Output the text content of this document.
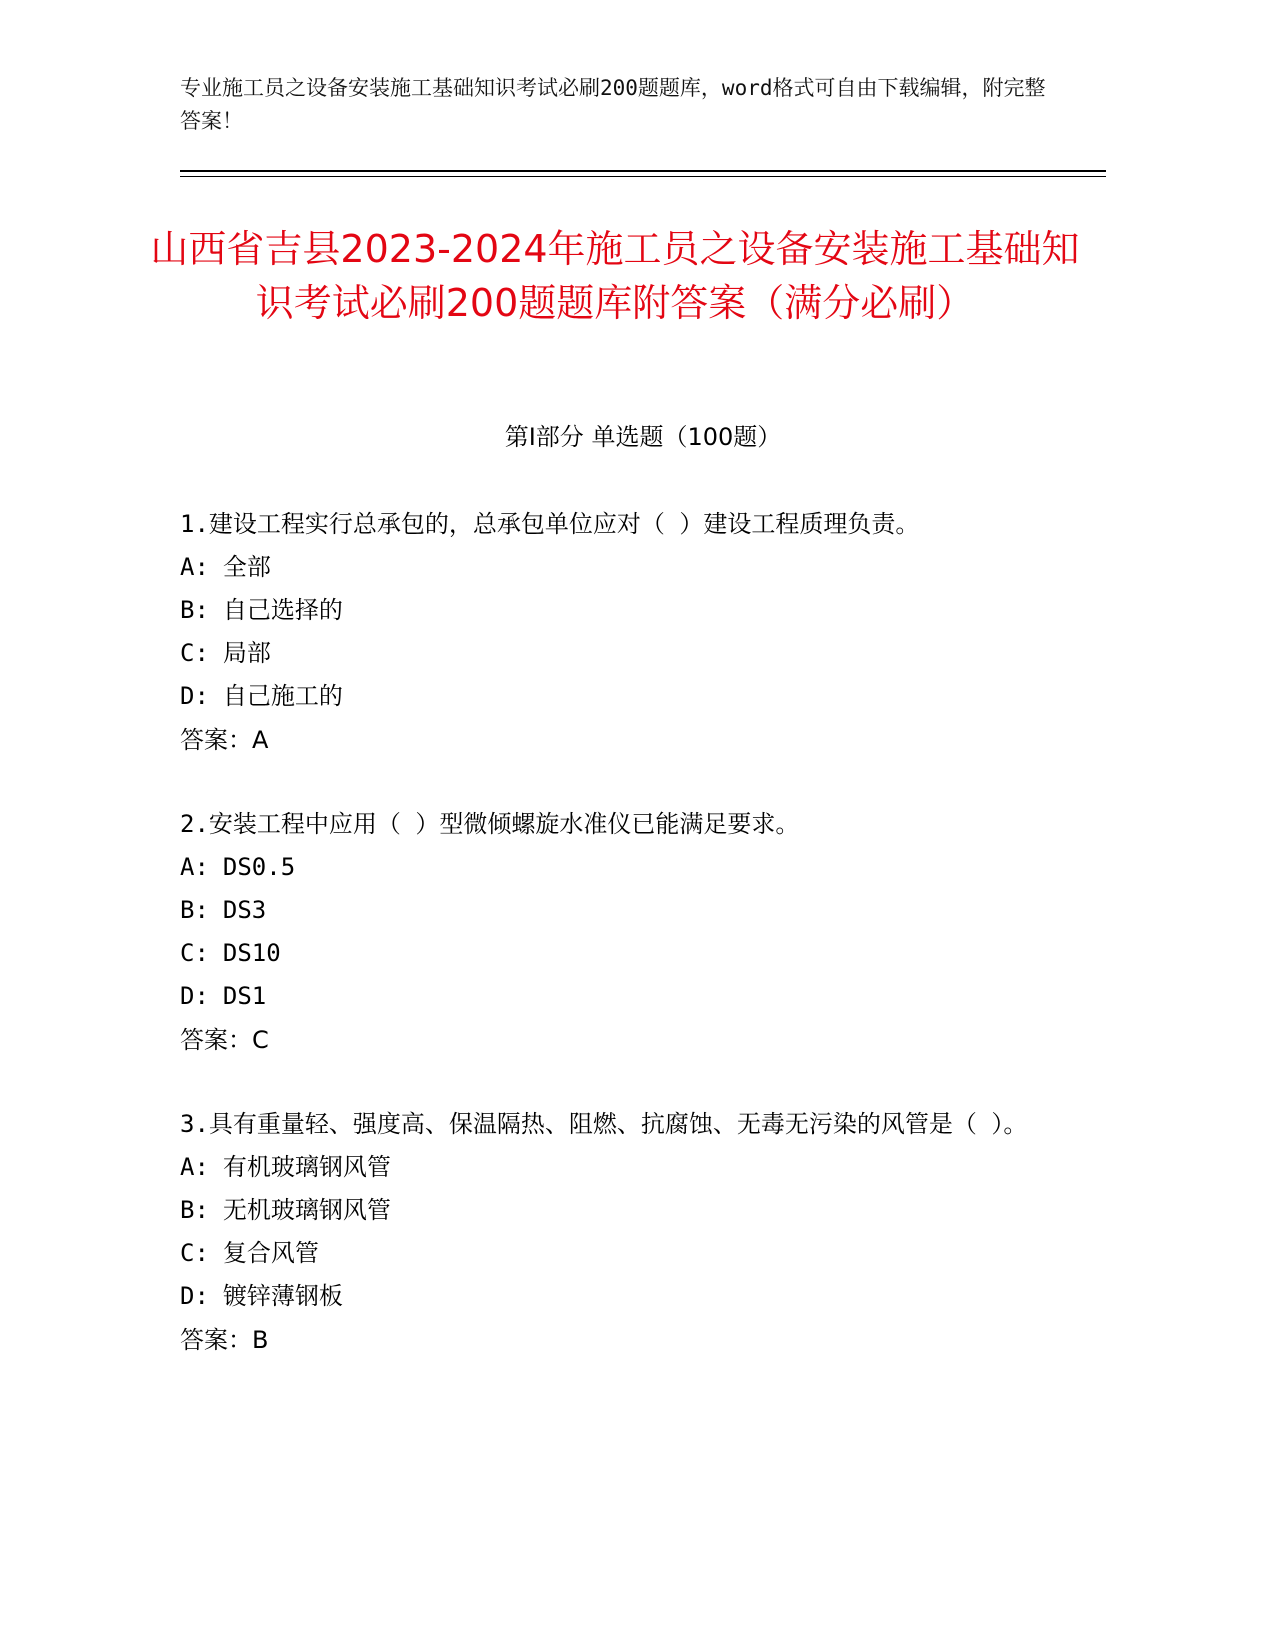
专业施工员之设备安装施工基础知识考试必刷200题题库，word格式可自由下载编辑，附完整答案！
山西省吉县2023-2024年施工员之设备安装施工基础知识考试必刷200题题库附答案（满分必刷）
第Ⅰ部分 单选题（100题）

1.建设工程实行总承包的，总承包单位应对（ ）建设工程质理负责。

A: 全部

B: 自己选择的

C: 局部

D: 自己施工的

答案：A

2.安装工程中应用（ ）型微倾螺旋水准仪已能满足要求。

A: DS0.5

B: DS3

C: DS10

D: DS1

答案：C

3.具有重量轻、强度高、保温隔热、阻燃、抗腐蚀、无毒无污染的风管是（ ）。

A: 有机玻璃钢风管

B: 无机玻璃钢风管

C: 复合风管

D: 镀锌薄钢板

答案：B
